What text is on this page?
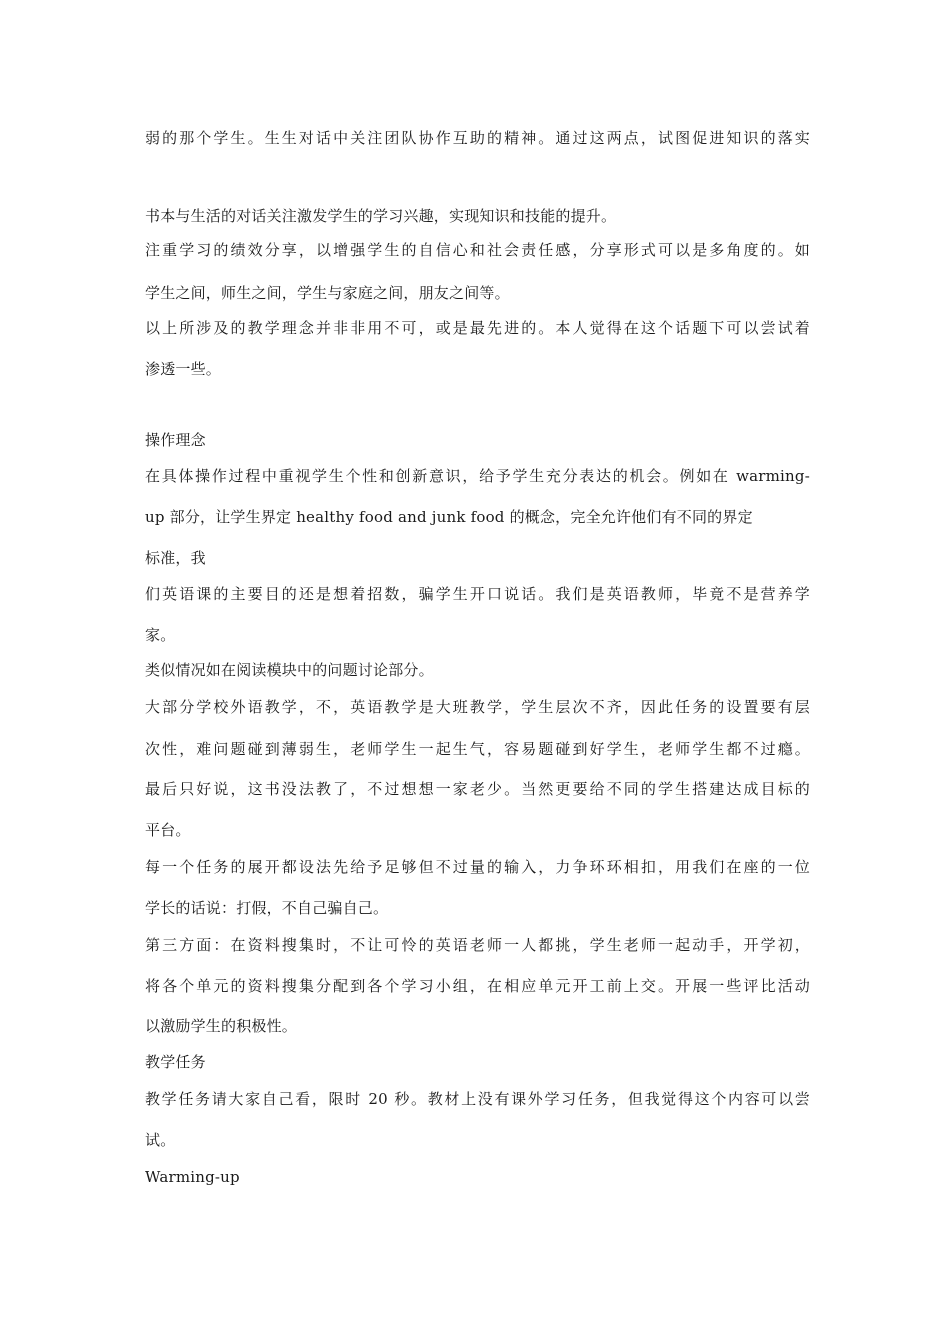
弱的那个学生。生生对话中关注团队协作互助的精神。通过这两点，试图促进知识的落实
书本与生活的对话关注激发学生的学习兴趣，实现知识和技能的提升。
注重学习的绩效分享，以增强学生的自信心和社会责任感，分享形式可以是多角度的。如
学生之间，师生之间，学生与家庭之间，朋友之间等。
以上所涉及的教学理念并非非用不可，或是最先进的。本人觉得在这个话题下可以尝试着
渗透一些。
操作理念
在具体操作过程中重视学生个性和创新意识，给予学生充分表达的机会。例如在 warming-
up 部分，让学生界定 healthy food and junk food 的概念，完全允许他们有不同的界定
标准，我
们英语课的主要目的还是想着招数，骗学生开口说话。我们是英语教师，毕竟不是营养学
家。
类似情况如在阅读模块中的问题讨论部分。
大部分学校外语教学，不，英语教学是大班教学，学生层次不齐，因此任务的设置要有层
次性，难问题碰到薄弱生，老师学生一起生气，容易题碰到好学生，老师学生都不过瘾。
最后只好说，这书没法教了，不过想想一家老少。当然更要给不同的学生搭建达成目标的
平台。
每一个任务的展开都设法先给予足够但不过量的输入，力争环环相扣，用我们在座的一位
学长的话说：打假，不自己骗自己。
第三方面：在资料搜集时，不让可怜的英语老师一人都挑，学生老师一起动手，开学初，
将各个单元的资料搜集分配到各个学习小组，在相应单元开工前上交。开展一些评比活动
以激励学生的积极性。
教学任务
教学任务请大家自己看，限时 20 秒。教材上没有课外学习任务，但我觉得这个内容可以尝
试。
Warming-up
